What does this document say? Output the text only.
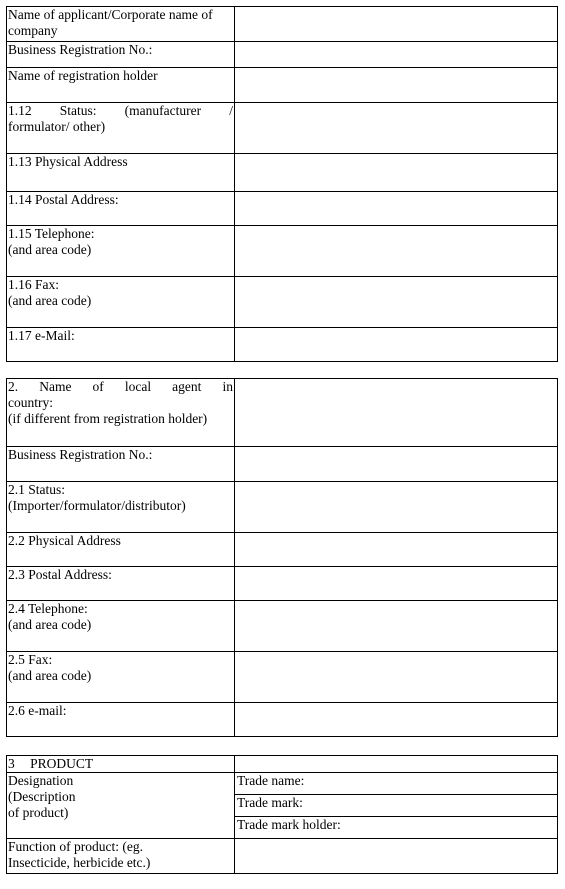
Name of applicant/Corporate name of company	
Business Registration No.:	
Name of registration holder	

1.12 Status: (manufacturer /
formulator/ other)	

1.13 Physical Address	
1.14 Postal Address:	
1.15 Telephone:
(and area code)	
1.16 Fax:
(and area code)	
1.17 e-Mail:	
2. Name of local agent in
country:
(if different from registration holder)	

Business Registration No.:	
2.1 Status:
(Importer/formulator/distributor)	
2.2 Physical Address	
2.3 Postal Address:	
2.4 Telephone:
(and area code)	
2.5 Fax:
(and area code)	
2.6 e-mail:	
3 PRODUCT	
Designation
(Description
of product)	Trade name:
	Trade mark:
	Trade mark holder:
Function of product: (eg.
Insecticide, herbicide etc.)	
